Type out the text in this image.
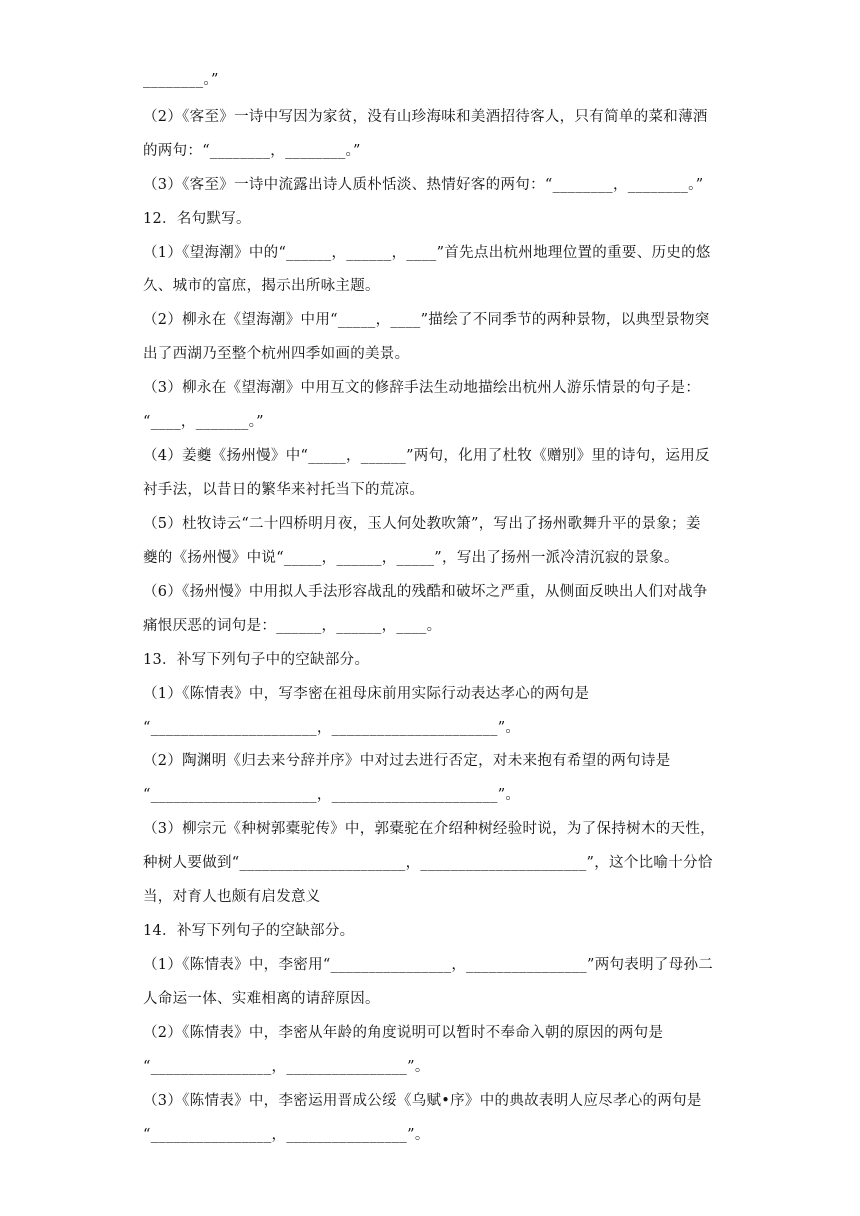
________。”
（2）《客至》一诗中写因为家贫，没有山珍海味和美酒招待客人，只有简单的菜和薄酒
的两句：“________，________。”
（3）《客至》一诗中流露出诗人质朴恬淡、热情好客的两句：“________，________。”
12．名句默写。
（1）《望海潮》中的“______，______，____”首先点出杭州地理位置的重要、历史的悠
久、城市的富庶，揭示出所咏主题。
（2）柳永在《望海潮》中用“_____，____”描绘了不同季节的两种景物，以典型景物突
出了西湖乃至整个杭州四季如画的美景。
（3）柳永在《望海潮》中用互文的修辞手法生动地描绘出杭州人游乐情景的句子是：
“____，_______。”
（4）姜夔《扬州慢》中“_____，______”两句，化用了杜牧《赠别》里的诗句，运用反
衬手法，以昔日的繁华来衬托当下的荒凉。
（5）杜牧诗云“二十四桥明月夜，玉人何处教吹箫”，写出了扬州歌舞升平的景象；姜
夔的《扬州慢》中说“_____，______，_____”，写出了扬州一派冷清沉寂的景象。
（6）《扬州慢》中用拟人手法形容战乱的残酷和破坏之严重，从侧面反映出人们对战争
痛恨厌恶的词句是：______，______，____。
13．补写下列句子中的空缺部分。
（1）《陈情表》中，写李密在祖母床前用实际行动表达孝心的两句是
“______________________，______________________”。
（2）陶渊明《归去来兮辞并序》中对过去进行否定，对未来抱有希望的两句诗是
“______________________，______________________”。
（3）柳宗元《种树郭橐驼传》中，郭橐驼在介绍种树经验时说，为了保持树木的天性，
种树人要做到“______________________，______________________”，这个比喻十分恰
当，对育人也颇有启发意义
14．补写下列句子的空缺部分。
（1）《陈情表》中，李密用“________________，________________”两句表明了母孙二
人命运一体、实难相离的请辞原因。
（2）《陈情表》中，李密从年龄的角度说明可以暂时不奉命入朝的原因的两句是
“________________，________________”。
（3）《陈情表》中，李密运用晋成公绥《乌赋•序》中的典故表明人应尽孝心的两句是
“________________，________________”。
